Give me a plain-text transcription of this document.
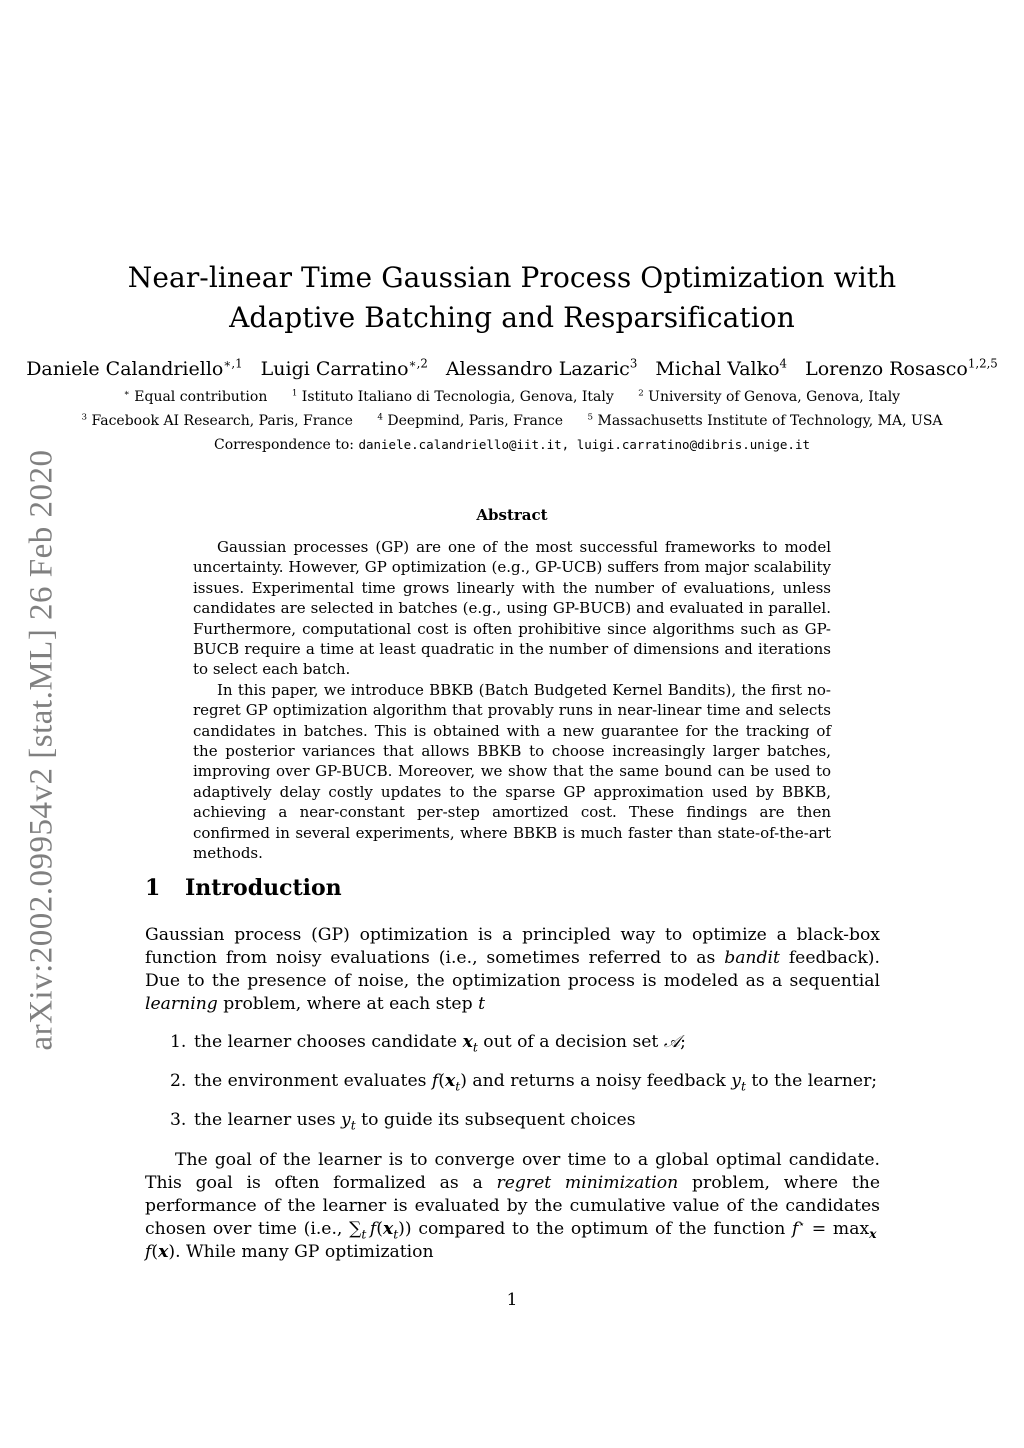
arXiv:2002.09954v2 [stat.ML] 26 Feb 2020
Near-linear Time Gaussian Process Optimization with
Adaptive Batching and Resparsification
Daniele Calandriello$^{∗,1}$ Luigi Carratino$^{∗,2}$ Alessandro Lazaric$^3$ Michal Valko$^4$ Lorenzo Rosasco$^{1,2,5}$
∗ Equal contribution	$^1$ Istituto Italiano di Tecnologia, Genova, Italy	$^2$ University of Genova, Genova, Italy
$^3$ Facebook AI Research, Paris, France	$^4$ Deepmind, Paris, France	$^5$ Massachusetts Institute of Technology, MA, USA
Correspondence to: daniele.calandriello@iit.it, luigi.carratino@dibris.unige.it
Abstract

Gaussian processes (GP) are one of the most successful frameworks to model uncertainty. However, GP optimization (e.g., GP-UCB) suffers from major scalability issues. Experimental time grows linearly with the number of evaluations, unless candidates are selected in batches (e.g., using GP-BUCB) and evaluated in parallel. Furthermore, computational cost is often prohibitive since algorithms such as GP-BUCB require a time at least quadratic in the number of dimensions and iterations to select each batch.

In this paper, we introduce BBKB (Batch Budgeted Kernel Bandits), the first no-regret GP optimization algorithm that provably runs in near-linear time and selects candidates in batches. This is obtained with a new guarantee for the tracking of the posterior variances that allows BBKB to choose increasingly larger batches, improving over GP-BUCB. Moreover, we show that the same bound can be used to adaptively delay costly updates to the sparse GP approximation used by BBKB, achieving a near-constant per-step amortized cost. These findings are then confirmed in several experiments, where BBKB is much faster than state-of-the-art methods.

1 Introduction

Gaussian process (GP) optimization is a principled way to optimize a black-box function from noisy evaluations (i.e., sometimes referred to as bandit feedback). Due to the presence of noise, the optimization process is modeled as a sequential learning problem, where at each step t

1. the learner chooses candidate $x_t$ out of a decision set 𝒜;
2. the environment evaluates $f(x_t)$ and returns a noisy feedback $y_t$ to the learner;
3. the learner uses $y_t$ to guide its subsequent choices

The goal of the learner is to converge over time to a global optimal candidate. This goal is often formalized as a regret minimization problem, where the performance of the learner is evaluated by the cumulative value of the candidates chosen over time (i.e., $\sum_t$  $f(x_t)$) compared to the optimum of the function $f^⋆ = \max_x f(x)$. While many GP optimization

1
